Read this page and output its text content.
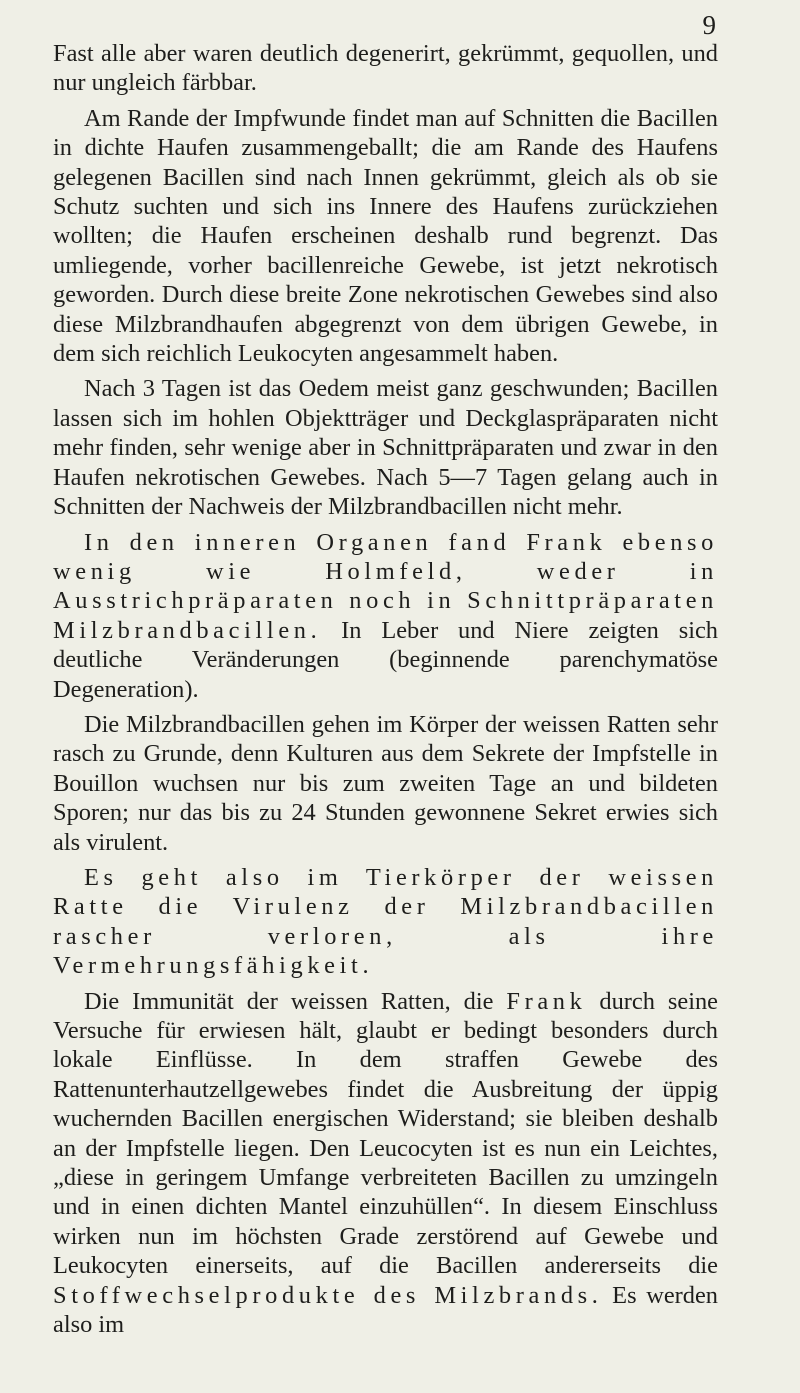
9

Fast alle aber waren deutlich degenerirt, gekrümmt, gequollen, und nur ungleich färbbar.

Am Rande der Impfwunde findet man auf Schnitten die Bacillen in dichte Haufen zusammengeballt; die am Rande des Haufens gelegenen Bacillen sind nach Innen gekrümmt, gleich als ob sie Schutz suchten und sich ins Innere des Haufens zurückziehen wollten; die Haufen erscheinen deshalb rund begrenzt. Das umliegende, vorher bacillenreiche Gewebe, ist jetzt nekrotisch geworden. Durch diese breite Zone nekrotischen Gewebes sind also diese Milzbrandhaufen abgegrenzt von dem übrigen Gewebe, in dem sich reichlich Leukocyten angesammelt haben.

Nach 3 Tagen ist das Oedem meist ganz geschwunden; Bacillen lassen sich im hohlen Objektträger und Deckglaspräparaten nicht mehr finden, sehr wenige aber in Schnittpräparaten und zwar in den Haufen nekrotischen Gewebes. Nach 5—7 Tagen gelang auch in Schnitten der Nachweis der Milzbrandbacillen nicht mehr.

In den inneren Organen fand Frank ebenso wenig wie Holmfeld, weder in Ausstrichpräparaten noch in Schnittpräparaten Milzbrandbacillen. In Leber und Niere zeigten sich deutliche Veränderungen (beginnende parenchymatöse Degeneration).

Die Milzbrandbacillen gehen im Körper der weissen Ratten sehr rasch zu Grunde, denn Kulturen aus dem Sekrete der Impfstelle in Bouillon wuchsen nur bis zum zweiten Tage an und bildeten Sporen; nur das bis zu 24 Stunden gewonnene Sekret erwies sich als virulent.

Es geht also im Tierkörper der weissen Ratte die Virulenz der Milzbrandbacillen rascher verloren, als ihre Vermehrungsfähigkeit.

Die Immunität der weissen Ratten, die Frank durch seine Versuche für erwiesen hält, glaubt er bedingt besonders durch lokale Einflüsse. In dem straffen Gewebe des Rattenunterhautzellgewebes findet die Ausbreitung der üppig wuchernden Bacillen energischen Widerstand; sie bleiben deshalb an der Impfstelle liegen. Den Leucocyten ist es nun ein Leichtes, „diese in geringem Umfange verbreiteten Bacillen zu umzingeln und in einen dichten Mantel einzuhüllen“. In diesem Einschluss wirken nun im höchsten Grade zerstörend auf Gewebe und Leukocyten einerseits, auf die Bacillen andererseits die Stoffwechselprodukte des Milzbrands. Es werden also im
